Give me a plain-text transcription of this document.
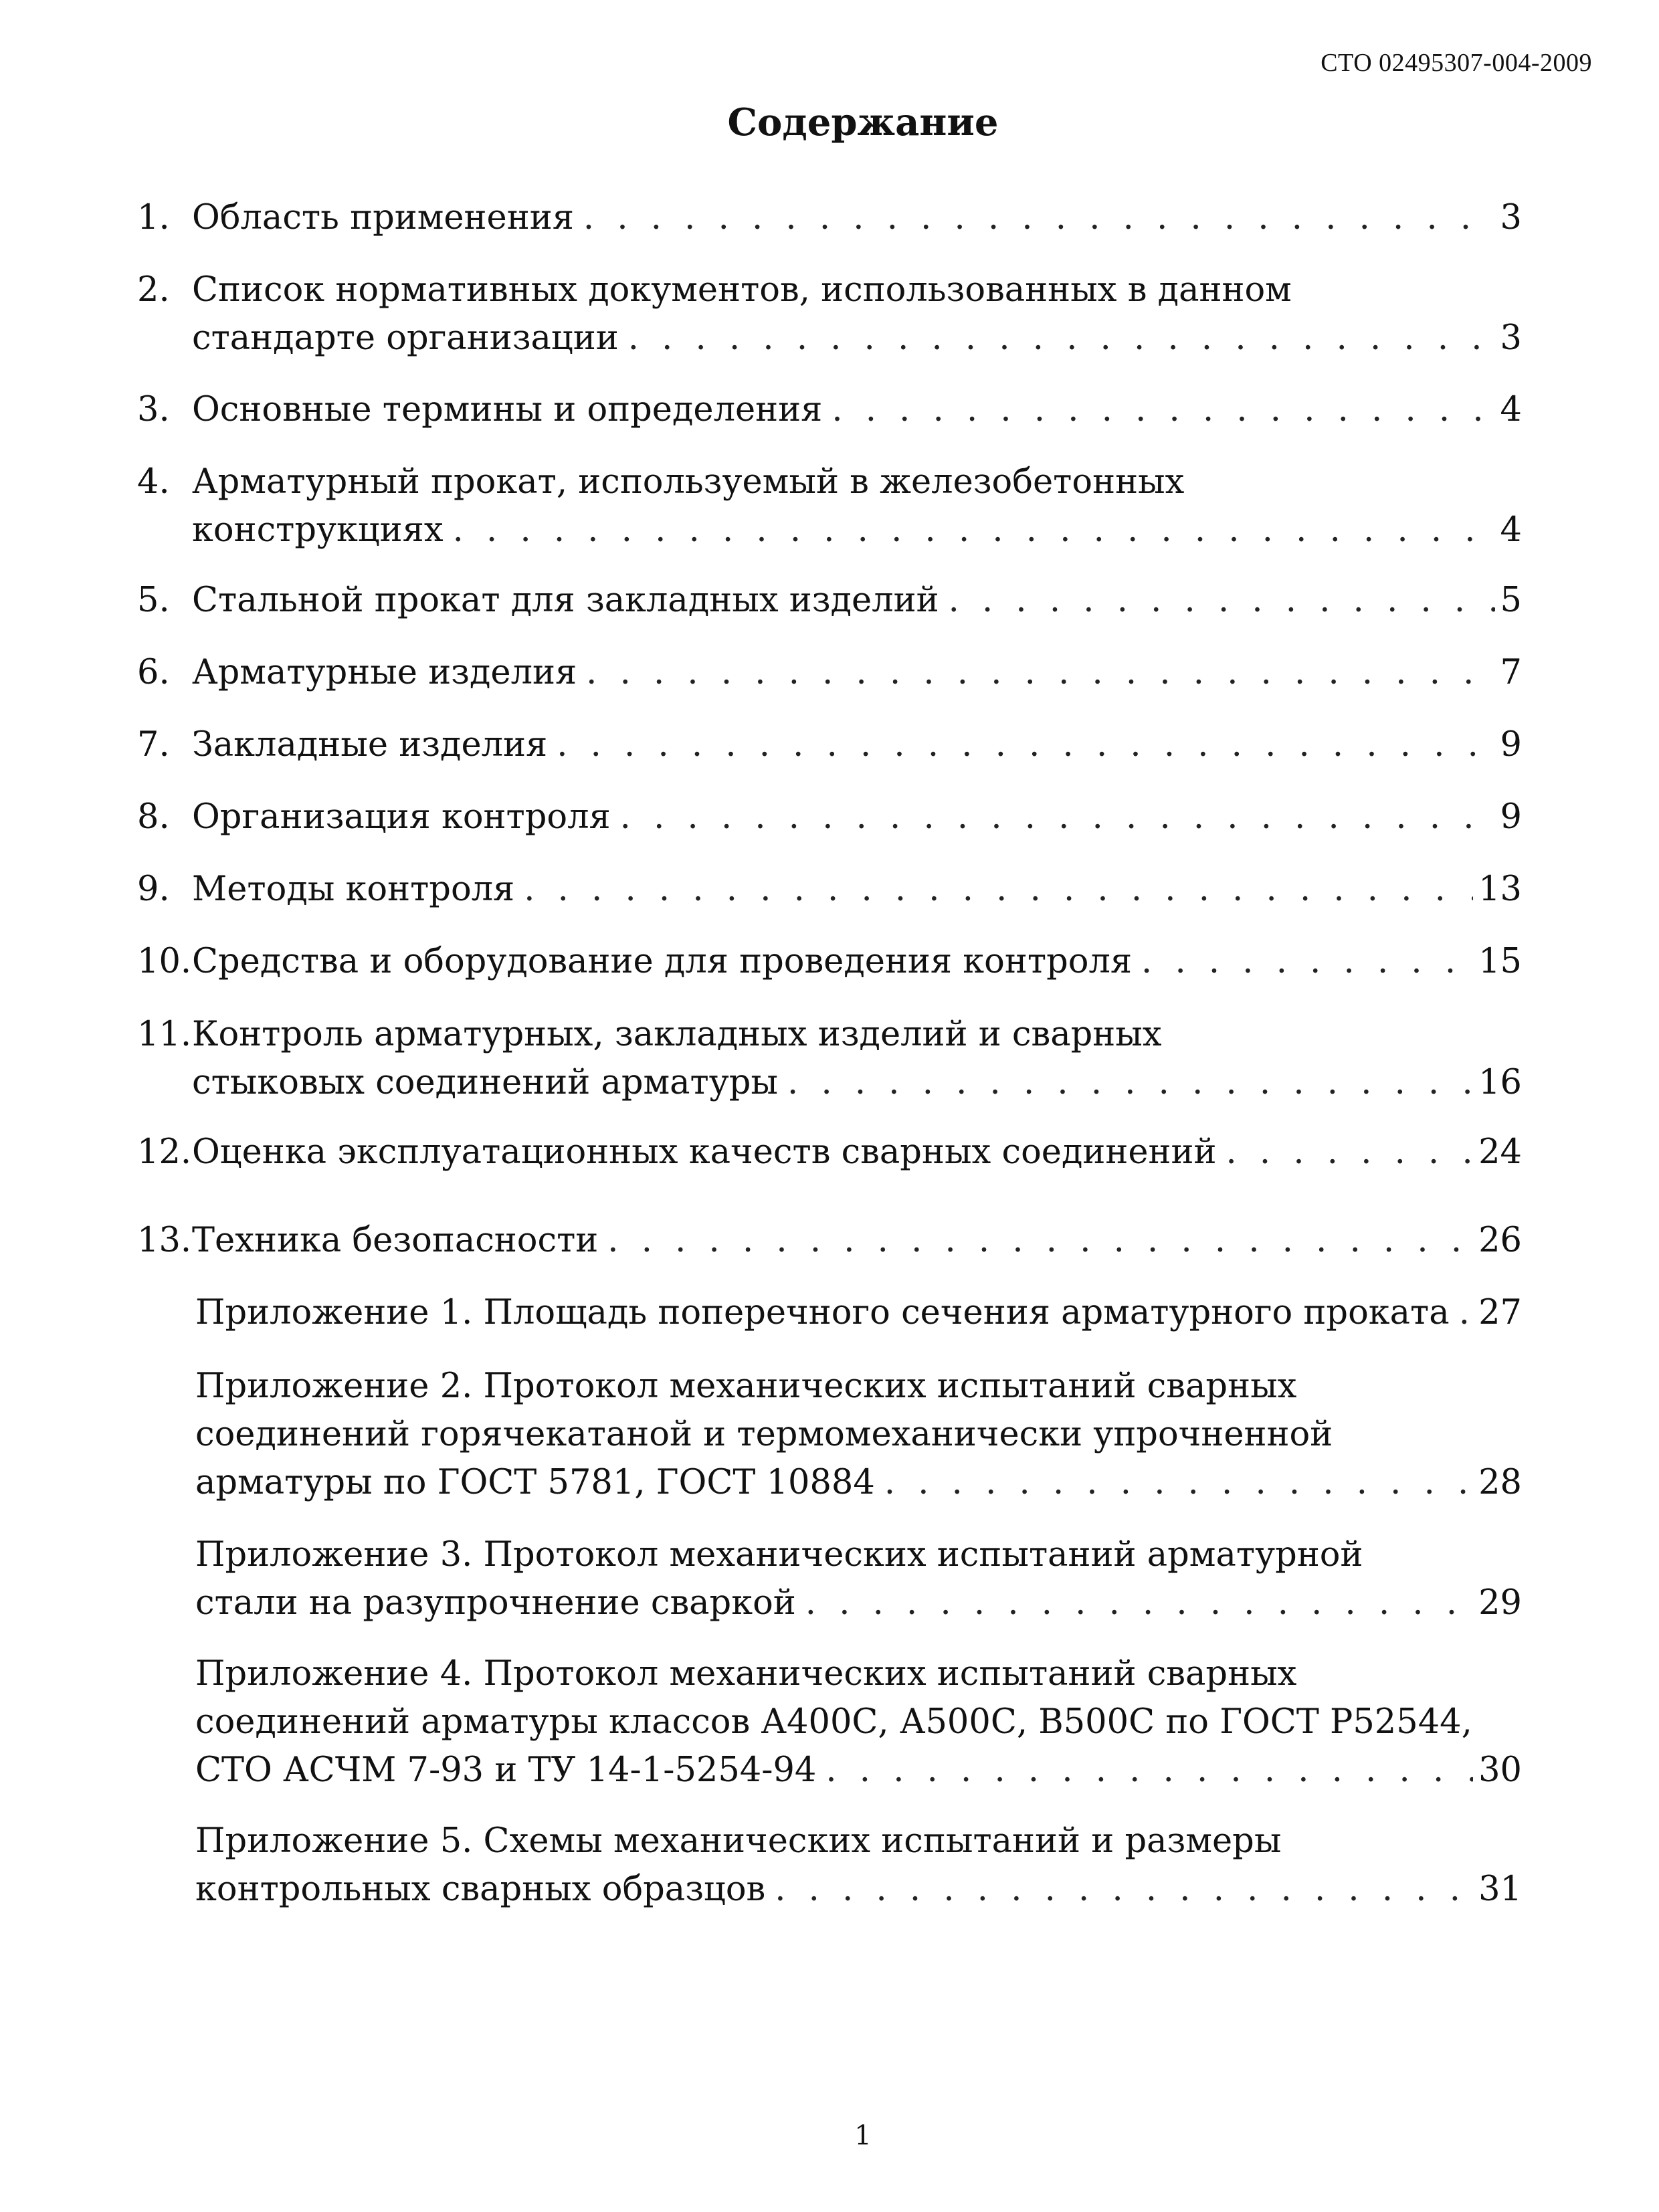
СТО 02495307-004-2009
Содержание
1. Область применения . . .	3
2. Список нормативных документов, использованных в данном
стандарте организации . . .	3
3. Основные термины и определения . . .	4
4. Арматурный прокат, используемый в железобетонных
конструкциях . . .	4
5. Стальной прокат для закладных изделий . . .	5
6. Арматурные изделия . . .	7
7. Закладные изделия . . .	9
8. Организация контроля . . .	9
9. Методы контроля . . .	13
10. Средства и оборудование для проведения контроля . . .	15
11. Контроль арматурных, закладных изделий и сварных
стыковых соединений арматуры . . .	16
12. Оценка эксплуатационных качеств сварных соединений . . .	24
13. Техника безопасности . . .	26
Приложение 1. Площадь поперечного сечения арматурного проката . . . 27
Приложение 2. Протокол механических испытаний сварных
соединений горячекатаной и термомеханически упрочненной
арматуры по ГОСТ 5781, ГОСТ 10884 . . .	28
Приложение 3. Протокол механических испытаний арматурной
стали на разупрочнение сваркой . . .	29
Приложение 4. Протокол механических испытаний сварных
соединений арматуры классов А400С, А500С, В500С по ГОСТ Р52544,
СТО АСЧМ 7-93 и ТУ 14-1-5254-94 . . .	30
Приложение 5. Схемы механических испытаний и размеры
контрольных сварных образцов . . .	31
1
